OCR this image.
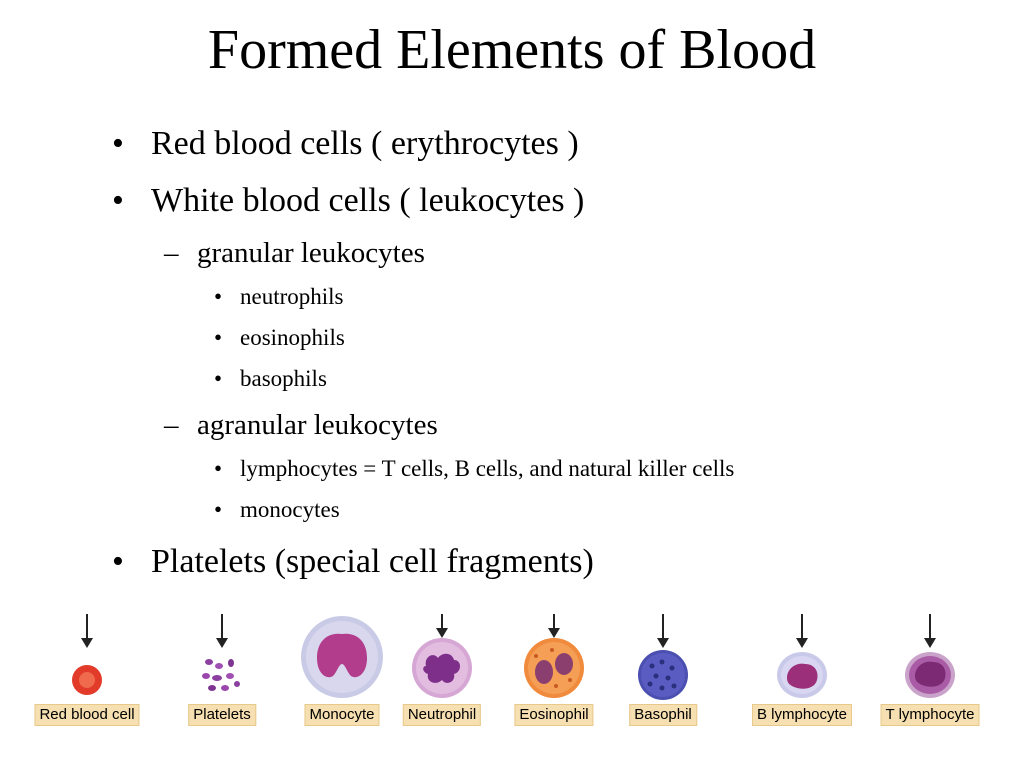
Formed Elements of Blood
• Red blood cells ( erythrocytes )
• White blood cells ( leukocytes )
– granular leukocytes
• neutrophils
• eosinophils
• basophils
– agranular leukocytes
• lymphocytes = T cells, B cells, and natural killer cells
• monocytes
• Platelets (special cell fragments)
Red blood cell	Platelets	Monocyte	Neutrophil	Eosinophil	Basophil	B lymphocyte	T lymphocyte
